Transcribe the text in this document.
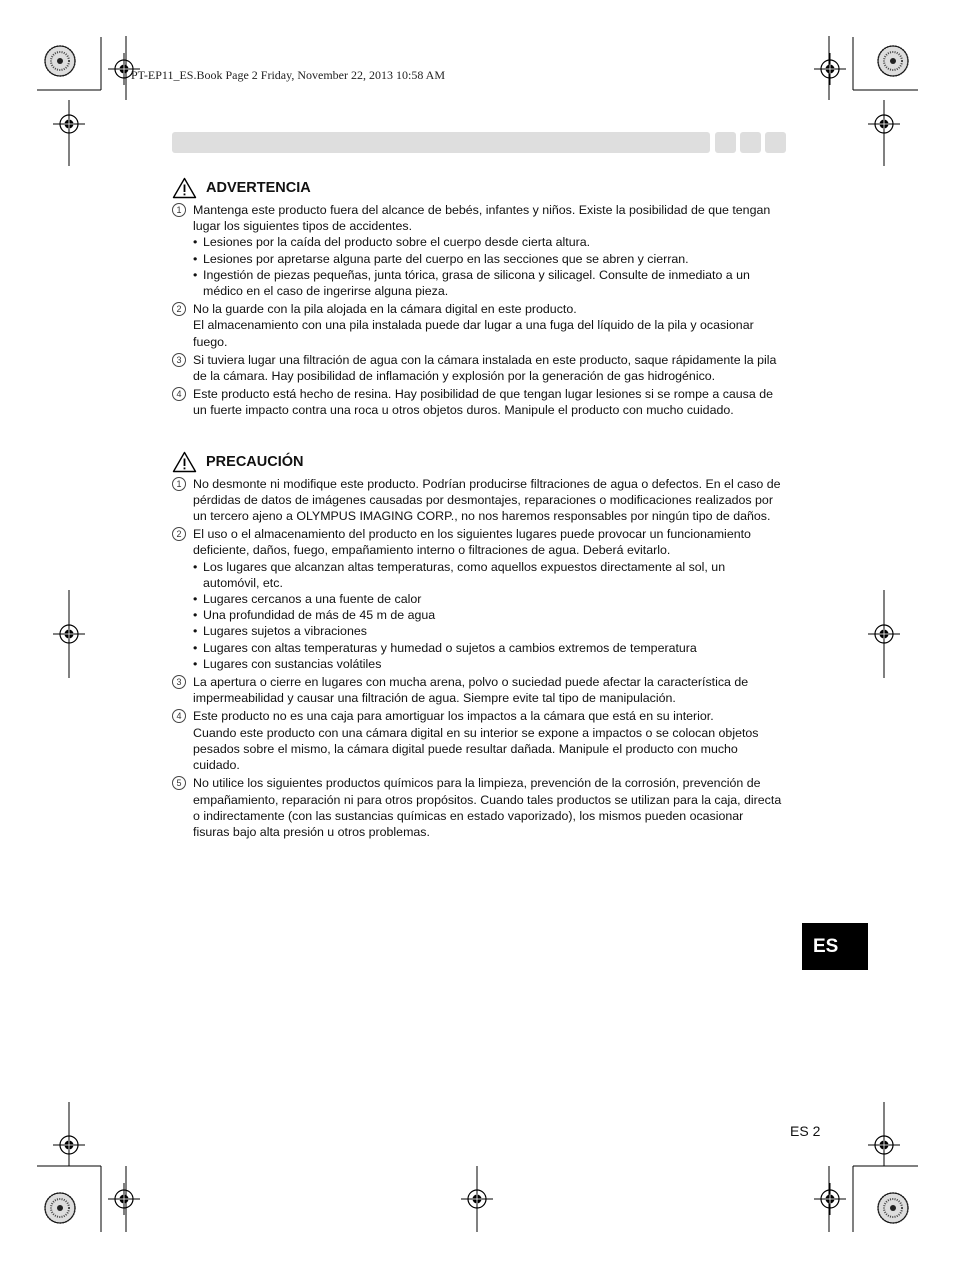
PT-EP11_ES.Book Page 2 Friday, November 22, 2013 10:58 AM
ADVERTENCIA
1 Mantenga este producto fuera del alcance de bebés, infantes y niños. Existe la posibilidad de que tengan lugar los siguientes tipos de accidentes.

• Lesiones por la caída del producto sobre el cuerpo desde cierta altura.
• Lesiones por apretarse alguna parte del cuerpo en las secciones que se abren y cierran.
• Ingestión de piezas pequeñas, junta tórica, grasa de silicona y silicagel. Consulte de inmediato a un médico en el caso de ingerirse alguna pieza.
2 No la guarde con la pila alojada en la cámara digital en este producto.

El almacenamiento con una pila instalada puede dar lugar a una fuga del líquido de la pila y ocasionar fuego.

3 Si tuviera lugar una filtración de agua con la cámara instalada en este producto, saque rápidamente la pila de la cámara. Hay posibilidad de inflamación y explosión por la generación de gas hidrogénico.

4 Este producto está hecho de resina. Hay posibilidad de que tengan lugar lesiones si se rompe a causa de un fuerte impacto contra una roca u otros objetos duros. Manipule el producto con mucho cuidado.

PRECAUCIÓN
1 No desmonte ni modifique este producto. Podrían producirse filtraciones de agua o defectos. En el caso de pérdidas de datos de imágenes causadas por desmontajes, reparaciones o modificaciones realizados por un tercero ajeno a OLYMPUS IMAGING CORP., no nos haremos responsables por ningún tipo de daños.

2 El uso o el almacenamiento del producto en los siguientes lugares puede provocar un funcionamiento deficiente, daños, fuego, empañamiento interno o filtraciones de agua. Deberá evitarlo.

• Los lugares que alcanzan altas temperaturas, como aquellos expuestos directamente al sol, un automóvil, etc.
• Lugares cercanos a una fuente de calor
• Una profundidad de más de 45 m de agua
• Lugares sujetos a vibraciones
• Lugares con altas temperaturas y humedad o sujetos a cambios extremos de temperatura
• Lugares con sustancias volátiles
3 La apertura o cierre en lugares con mucha arena, polvo o suciedad puede afectar la característica de impermeabilidad y causar una filtración de agua. Siempre evite tal tipo de manipulación.

4 Este producto no es una caja para amortiguar los impactos a la cámara que está en su interior.

Cuando este producto con una cámara digital en su interior se expone a impactos o se colocan objetos pesados sobre el mismo, la cámara digital puede resultar dañada. Manipule el producto con mucho cuidado.

5 No utilice los siguientes productos químicos para la limpieza, prevención de la corrosión, prevención de empañamiento, reparación ni para otros propósitos. Cuando tales productos se utilizan para la caja, directa o indirectamente (con las sustancias químicas en estado vaporizado), los mismos pueden ocasionar fisuras bajo alta presión u otros problemas.

ES
ES 2
